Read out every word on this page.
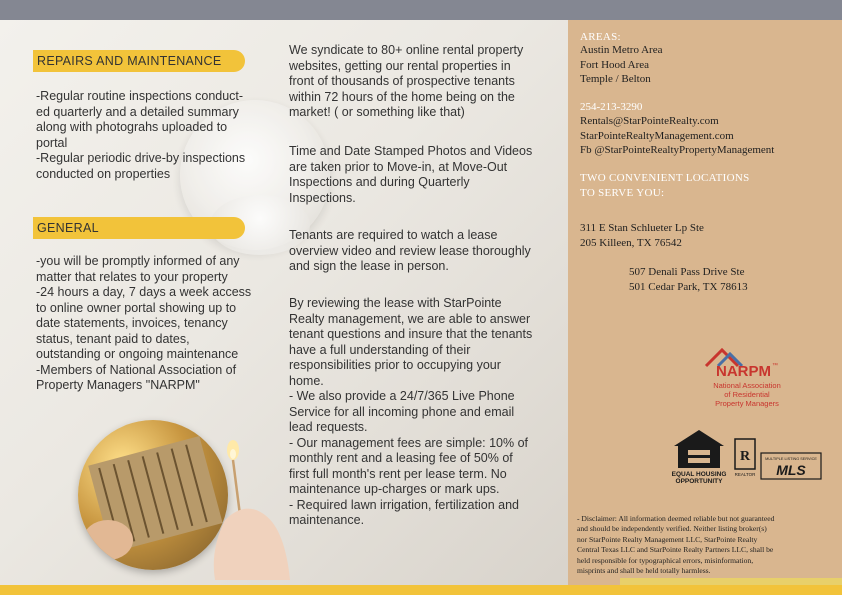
REPAIRS AND MAINTENANCE

-Regular routine inspections conduct-

ed quarterly and a detailed summary

along with photograhs uploaded to

portal

-Regular periodic drive-by inspections

conducted on properties

GENERAL

-you will be promptly informed of any

matter that relates to your property

-24 hours a day, 7 days a week access

to online owner portal showing up to

date statements, invoices, tenancy

status, tenant paid to dates,

outstanding or ongoing maintenance

-Members of National Association of

Property Managers "NARPM"

We syndicate to 80+ online rental property

websites, getting our rental properties in

front of thousands of prospective tenants

within 72 hours of the home being on the

market! ( or something like that)

Time and Date Stamped Photos and Videos

are taken prior to Move-in, at Move-Out

Inspections and during Quarterly

Inspections.

Tenants are required to watch a lease

overview video and review lease thoroughly

and sign the lease in person.

By reviewing the lease with StarPointe

Realty management, we are able to answer

tenant questions and insure that the tenants

have a full understanding of their

responsibilities prior to occupying your

home.

- We also provide a 24/7/365 Live Phone

Service for all incoming phone and email

lead requests.

- Our management fees are simple: 10% of

monthly rent and a leasing fee of 50% of

first full month's rent per lease term. No

maintenance up-charges or mark ups.

- Required lawn irrigation, fertilization and

maintenance.

AREAS:

Austin Metro Area

Fort Hood Area

Temple / Belton

254-213-3290

Rentals@StarPointeRealty.com

StarPointeRealtyManagement.com

Fb @StarPointeRealtyPropertyManagement

TWO CONVENIENT LOCATIONS

TO SERVE YOU:

311 E Stan Schlueter Lp Ste

205 Killeen, TX 76542

507 Denali Pass Drive Ste

501 Cedar Park, TX 78613

NARPM ™
National Association
of Residential
Property Managers
EQUAL HOUSING
OPPORTUNITY
R
REALTOR
MULTIPLE LISTING SERVICE
MLS

- Disclaimer: All information deemed reliable but not guaranteed

and should be independently verified. Neither listing broker(s)

nor StarPointe Realty Management LLC, StarPointe Realty

Central Texas LLC and StarPointe Realty Partners LLC, shall be

held responsible for typographical errors, misinformation,

misprints and shall be held totally harmless.
